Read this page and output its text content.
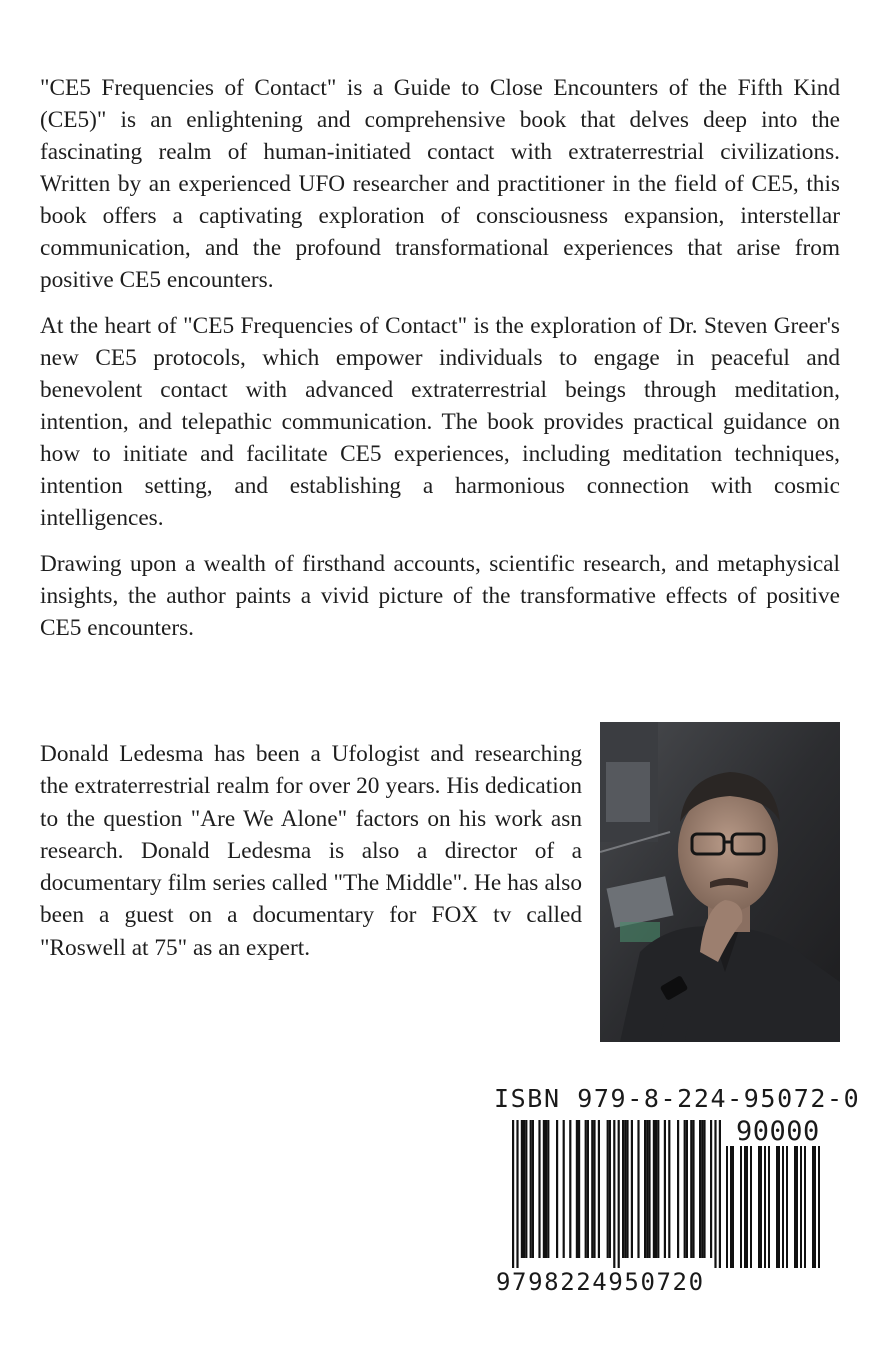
"CE5 Frequencies of Contact" is a Guide to Close Encounters of the Fifth Kind (CE5)" is an enlightening and comprehensive book that delves deep into the fascinating realm of human-initiated contact with extraterrestrial civilizations. Written by an experienced UFO researcher and practitioner in the field of CE5, this book offers a captivating exploration of consciousness expansion, interstellar communication, and the profound transformational experiences that arise from positive CE5 encounters.

At the heart of "CE5 Frequencies of Contact" is the exploration of Dr. Steven Greer's new CE5 protocols, which empower individuals to engage in peaceful and benevolent contact with advanced extraterrestrial beings through meditation, intention, and telepathic communication. The book provides practical guidance on how to initiate and facilitate CE5 experiences, including meditation techniques, intention setting, and establishing a harmonious connection with cosmic intelligences.

Drawing upon a wealth of firsthand accounts, scientific research, and metaphysical insights, the author paints a vivid picture of the transformative effects of positive CE5 encounters.

Donald Ledesma has been a Ufologist and researching the extraterrestrial realm for over 20 years. His dedication to the question "Are We Alone" factors on his work asn research. Donald Ledesma is also a director of a documentary film series called "The Middle". He has also been a guest on a documentary for FOX tv called "Roswell at 75" as an expert.

ISBN 979-8-224-95072-0

90000

9798224950720
